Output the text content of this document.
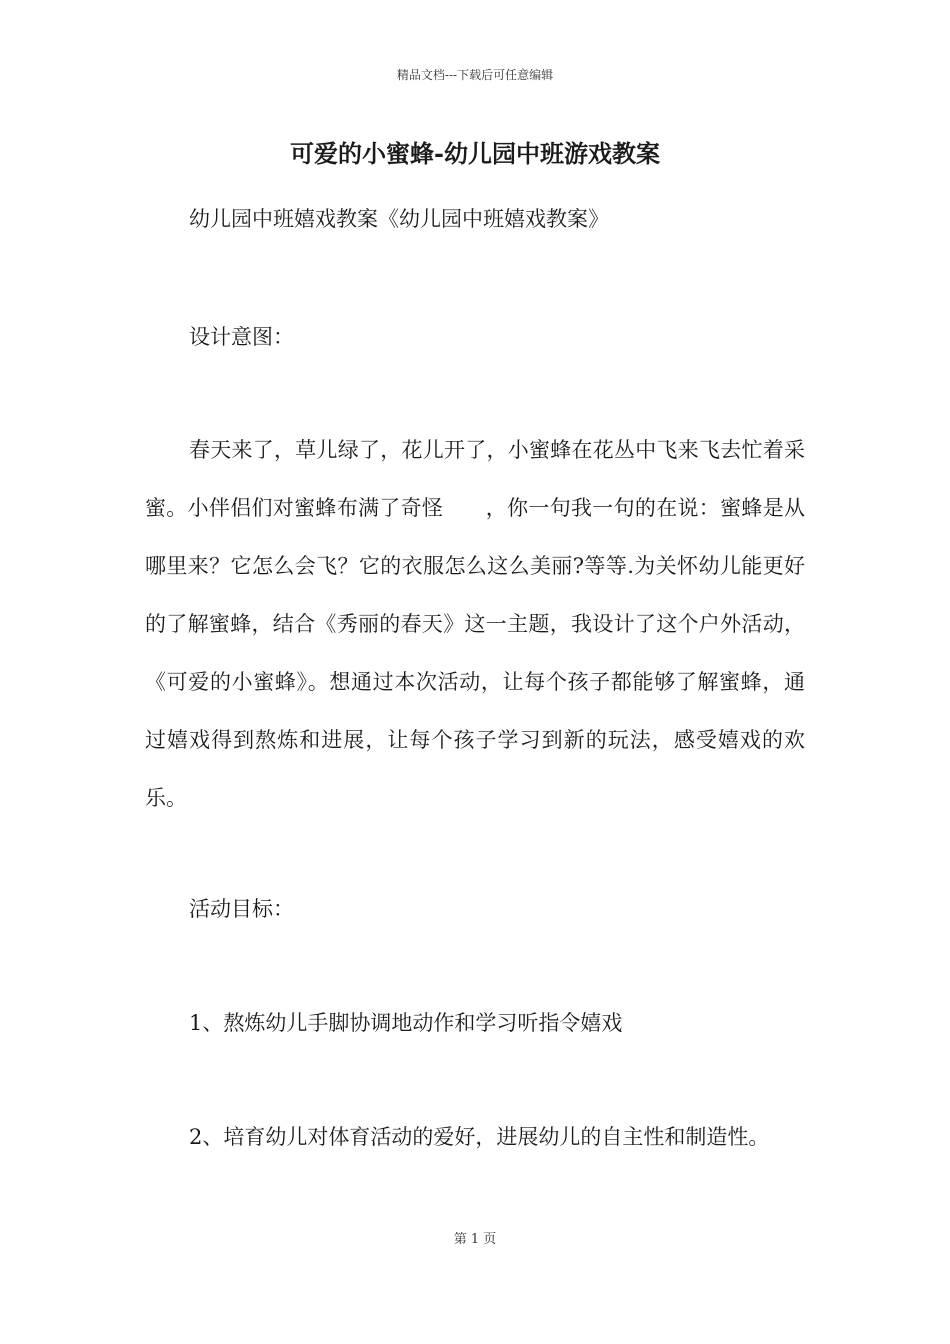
精品文档---下载后可任意编辑
可爱的小蜜蜂-幼儿园中班游戏教案

幼儿园中班嬉戏教案《幼儿园中班嬉戏教案》

设计意图：

春天来了，草儿绿了，花儿开了，小蜜蜂在花丛中飞来飞去忙着采蜜。小伴侣们对蜜蜂布满了奇怪　　，你一句我一句的在说：蜜蜂是从哪里来？它怎么会飞？它的衣服怎么这么美丽?等等.为关怀幼儿能更好的了解蜜蜂，结合《秀丽的春天》这一主题，我设计了这个户外活动，《可爱的小蜜蜂》。想通过本次活动，让每个孩子都能够了解蜜蜂，通过嬉戏得到熬炼和进展，让每个孩子学习到新的玩法，感受嬉戏的欢乐。

活动目标：

1、熬炼幼儿手脚协调地动作和学习听指令嬉戏

2、培育幼儿对体育活动的爱好，进展幼儿的自主性和制造性。

第 1 页
